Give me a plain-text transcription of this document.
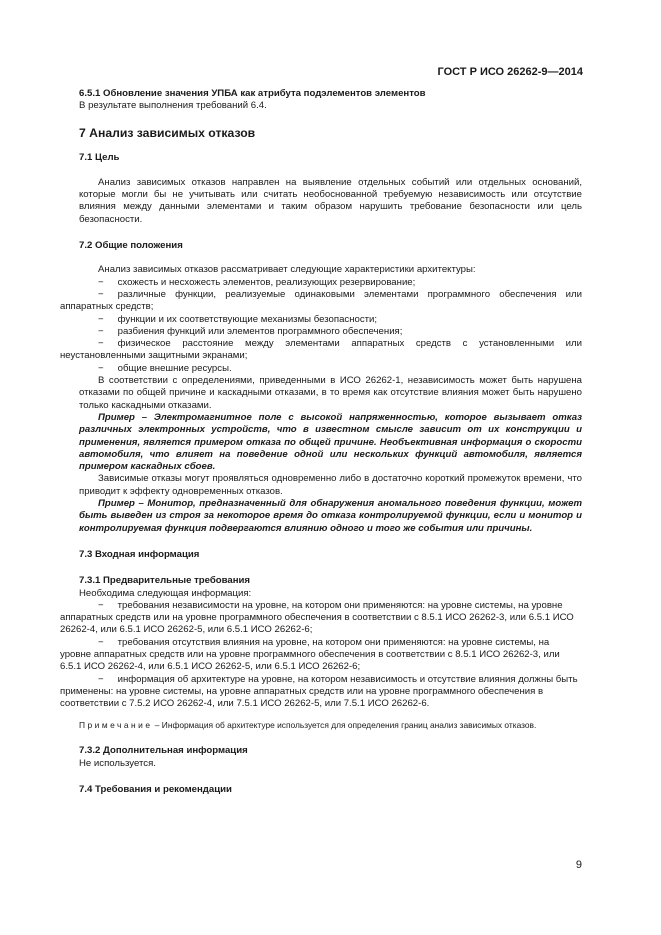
ГОСТ Р ИСО 26262-9—2014

6.5.1 Обновление значения УПБА как атрибута подэлементов элементов

В результате выполнения требований 6.4.

7 Анализ зависимых отказов

7.1 Цель

Анализ зависимых отказов направлен на выявление отдельных событий или отдельных оснований, которые могли бы не учитывать или считать необоснованной требуемую независимость или отсутствие влияния между данными элементами и таким образом нарушить требование безопасности или цель безопасности.

7.2 Общие положения

Анализ зависимых отказов рассматривает следующие характеристики архитектуры:

− схожесть и несхожесть элементов, реализующих резервирование;

− различные функции, реализуемые одинаковыми элементами программного обеспечения или аппаратных средств;

− функции и их соответствующие механизмы безопасности;

− разбиения функций или элементов программного обеспечения;

− физическое расстояние между элементами аппаратных средств с установленными или неустановленными защитными экранами;

− общие внешние ресурсы.

В соответствии с определениями, приведенными в ИСО 26262-1, независимость может быть нарушена отказами по общей причине и каскадными отказами, в то время как отсутствие влияния может быть нарушено только каскадными отказами.

Пример – Электромагнитное поле с высокой напряженностью, которое вызывает отказ различных электронных устройств, что в известном смысле зависит от их конструкции и применения, является примером отказа по общей причине. Необъективная информация о скорости автомобиля, что влияет на поведение одной или нескольких функций автомобиля, является примером каскадных сбоев.

Зависимые отказы могут проявляться одновременно либо в достаточно короткий промежуток времени, что приводит к эффекту одновременных отказов.

Пример – Монитор, предназначенный для обнаружения аномального поведения функции, может быть выведен из строя за некоторое время до отказа контролируемой функции, если и монитор и контролируемая функция подвергаются влиянию одного и того же события или причины.

7.3 Входная информация

7.3.1 Предварительные требования

Необходима следующая информация:

− требования независимости на уровне, на котором они применяются: на уровне системы, на уровне аппаратных средств или на уровне программного обеспечения в соответствии с 8.5.1 ИСО 26262-3, или 6.5.1 ИСО 26262-4, или 6.5.1 ИСО 26262-5, или 6.5.1 ИСО 26262-6;

− требования отсутствия влияния на уровне, на котором они применяются: на уровне системы, на уровне аппаратных средств или на уровне программного обеспечения в соответствии с 8.5.1 ИСО 26262-3, или 6.5.1 ИСО 26262-4, или 6.5.1 ИСО 26262-5, или 6.5.1 ИСО 26262-6;

− информация об архитектуре на уровне, на котором независимость и отсутствие влияния должны быть применены: на уровне системы, на уровне аппаратных средств или на уровне программного обеспечения в соответствии с 7.5.2 ИСО 26262-4, или 7.5.1 ИСО 26262-5, или 7.5.1 ИСО 26262-6.

Примечание – Информация об архитектуре используется для определения границ анализ зависимых отказов.

7.3.2 Дополнительная информация

Не используется.

7.4 Требования и рекомендации

9
